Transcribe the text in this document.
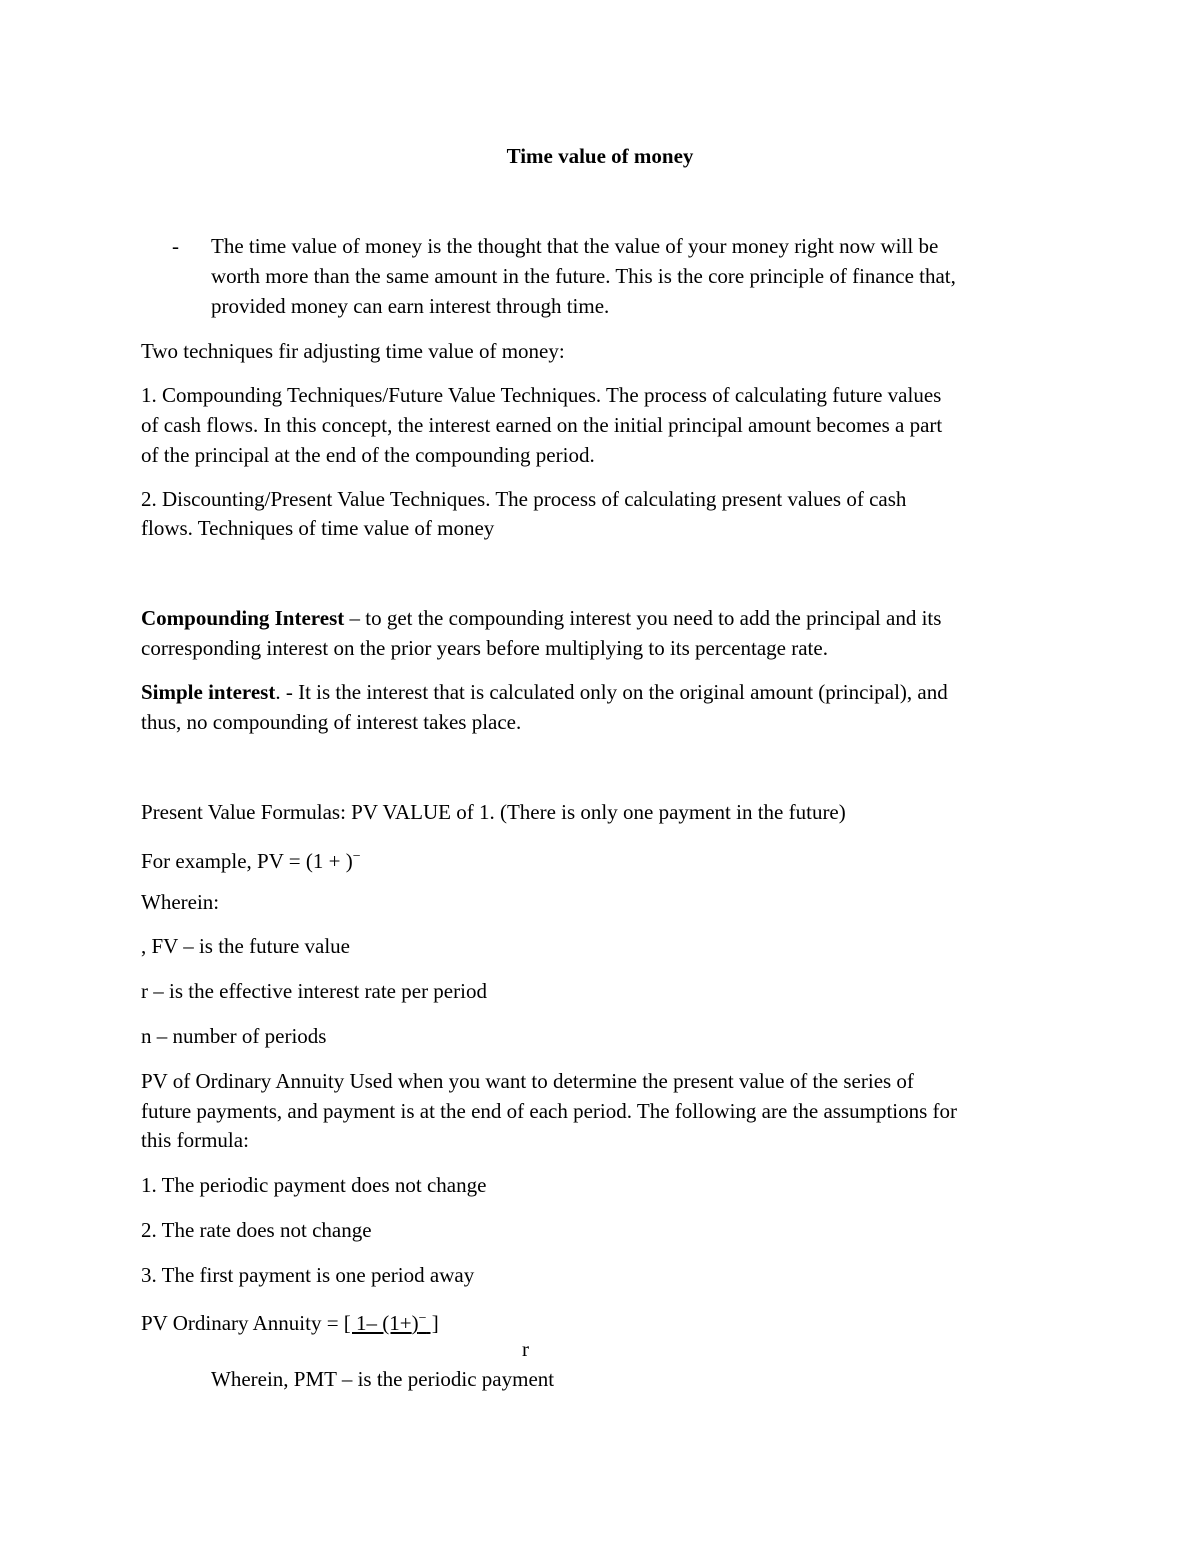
Time value of money
- The time value of money is the thought that the value of your money right now will be
worth more than the same amount in the future. This is the core principle of finance that,
provided money can earn interest through time.
Two techniques fir adjusting time value of money:
1. Compounding Techniques/Future Value Techniques. The process of calculating future values
of cash flows. In this concept, the interest earned on the initial principal amount becomes a part
of the principal at the end of the compounding period.
2. Discounting/Present Value Techniques. The process of calculating present values of cash
flows. Techniques of time value of money
Compounding Interest – to get the compounding interest you need to add the principal and its
corresponding interest on the prior years before multiplying to its percentage rate.
Simple interest. - It is the interest that is calculated only on the original amount (principal), and
thus, no compounding of interest takes place.
Present Value Formulas: PV VALUE of 1. (There is only one payment in the future)
For example, PV = (1 + )−
Wherein:
, FV – is the future value
r – is the effective interest rate per period
n – number of periods
PV of Ordinary Annuity Used when you want to determine the present value of the series of
future payments, and payment is at the end of each period. The following are the assumptions for
this formula:
1. The periodic payment does not change
2. The rate does not change
3. The first payment is one period away
PV Ordinary Annuity = [ 1– (1+)− ]
r
Wherein, PMT – is the periodic payment
